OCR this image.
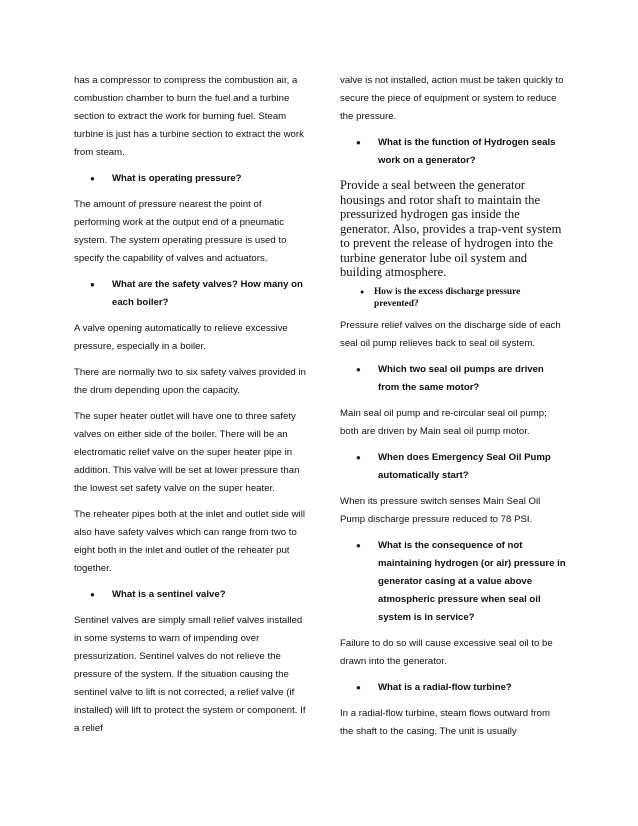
has a compressor to compress the combustion air, a combustion chamber to burn the fuel and a turbine section to extract the work for burning fuel. Steam turbine is just has a turbine section to extract the work from steam.

● What is operating pressure?

The amount of pressure nearest the point of performing work at the output end of a pneumatic system. The system operating pressure is used to specify the capability of valves and actuators.

● What are the safety valves? How many on each boiler?

A valve opening automatically to relieve excessive pressure, especially in a boiler.

There are normally two to six safety valves provided in the drum depending upon the capacity.

The super heater outlet will have one to three safety valves on either side of the boiler. There will be an electromatic relief valve on the super heater pipe in addition. This valve will be set at lower pressure than the lowest set safety valve on the super heater.

The reheater pipes both at the inlet and outlet side will also have safety valves which can range from two to eight both in the inlet and outlet of the reheater put together.

● What is a sentinel valve?

Sentinel valves are simply small relief valves installed in some systems to warn of impending over pressurization. Sentinel valves do not relieve the pressure of the system. If the situation causing the sentinel valve to lift is not corrected, a relief valve (if installed) will lift to protect the system or component. If a relief

valve is not installed, action must be taken quickly to secure the piece of equipment or system to reduce the pressure.

● What is the function of Hydrogen seals work on a generator?

Provide a seal between the generator housings and rotor shaft to maintain the pressurized hydrogen gas inside the generator. Also, provides a trap-vent system to prevent the release of hydrogen into the turbine generator lube oil system and building atmosphere.

● How is the excess discharge pressure prevented?

Pressure relief valves on the discharge side of each seal oil pump relieves back to seal oil system.

● Which two seal oil pumps are driven from the same motor?

Main seal oil pump and re-circular seal oil pump; both are driven by Main seal oil pump motor.

● When does Emergency Seal Oil Pump automatically start?

When its pressure switch senses Main Seal Oil Pump discharge pressure reduced to 78 PSI.

● What is the consequence of not maintaining hydrogen (or air) pressure in generator casing at a value above atmospheric pressure when seal oil system is in service?

Failure to do so will cause excessive seal oil to be drawn into the generator.

● What is a radial-flow turbine?

In a radial-flow turbine, steam flows outward from the shaft to the casing. The unit is usually
